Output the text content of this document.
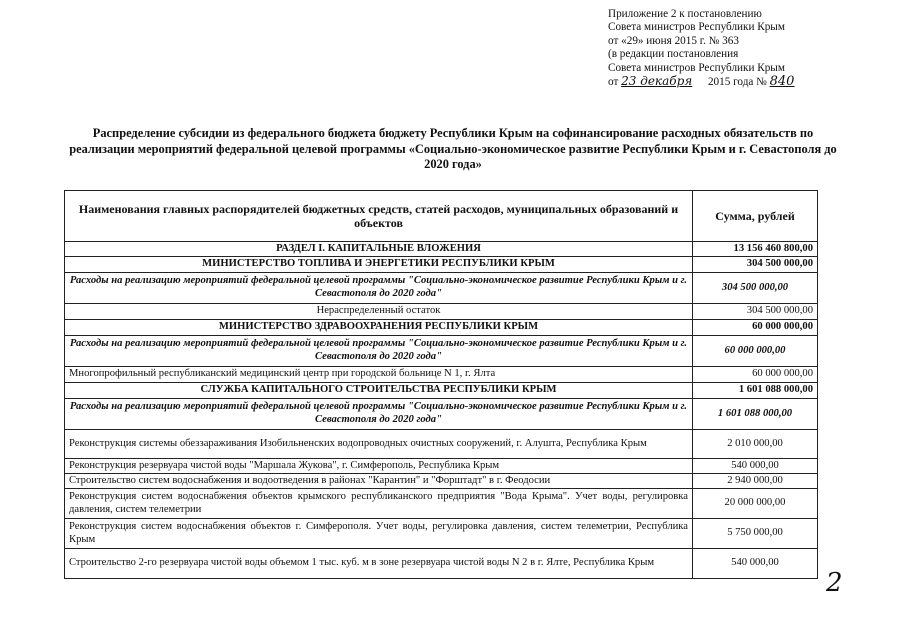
Приложение 2 к постановлению
Совета министров Республики Крым
от «29» июня 2015 г. № 363
(в редакции постановления
Совета министров Республики Крым
от 23 декабря 2015 года № 840
Распределение субсидии из федерального бюджета бюджету Республики Крым на софинансирование расходных обязательств по реализации мероприятий федеральной целевой программы «Социально-экономическое развитие Республики Крым и г. Севастополя до 2020 года»
Наименования главных распорядителей бюджетных средств, статей расходов, муниципальных образований и объектов	Сумма, рублей
РАЗДЕЛ I. КАПИТАЛЬНЫЕ ВЛОЖЕНИЯ	13 156 460 800,00
МИНИСТЕРСТВО ТОПЛИВА И ЭНЕРГЕТИКИ РЕСПУБЛИКИ КРЫМ	304 500 000,00
Расходы на реализацию мероприятий федеральной целевой программы "Социально-экономическое развитие Республики Крым и г. Севастополя до 2020 года"	304 500 000,00
Нераспределенный остаток	304 500 000,00
МИНИСТЕРСТВО ЗДРАВООХРАНЕНИЯ РЕСПУБЛИКИ КРЫМ	60 000 000,00
Расходы на реализацию мероприятий федеральной целевой программы "Социально-экономическое развитие Республики Крым и г. Севастополя до 2020 года"	60 000 000,00
Многопрофильный республиканский медицинский центр при городской больнице N 1, г. Ялта	60 000 000,00
СЛУЖБА КАПИТАЛЬНОГО СТРОИТЕЛЬСТВА РЕСПУБЛИКИ КРЫМ	1 601 088 000,00
Расходы на реализацию мероприятий федеральной целевой программы "Социально-экономическое развитие Республики Крым и г. Севастополя до 2020 года"	1 601 088 000,00
Реконструкция системы обеззараживания Изобильненских водопроводных очистных сооружений, г. Алушта, Республика Крым	2 010 000,00
Реконструкция резервуара чистой воды "Маршала Жукова", г. Симферополь, Республика Крым	540 000,00
Строительство систем водоснабжения и водоотведения в районах "Карантин" и "Форштадт" в г. Феодосии	2 940 000,00
Реконструкция систем водоснабжения объектов крымского республиканского предприятия "Вода Крыма". Учет воды, регулировка давления, систем телеметрии	20 000 000,00
Реконструкция систем водоснабжения объектов г. Симферополя. Учет воды, регулировка давления, систем телеметрии, Республика Крым	5 750 000,00
Строительство 2-го резервуара чистой воды объемом 1 тыс. куб. м в зоне резервуара чистой воды N 2 в г. Ялте, Республика Крым	540 000,00
2
